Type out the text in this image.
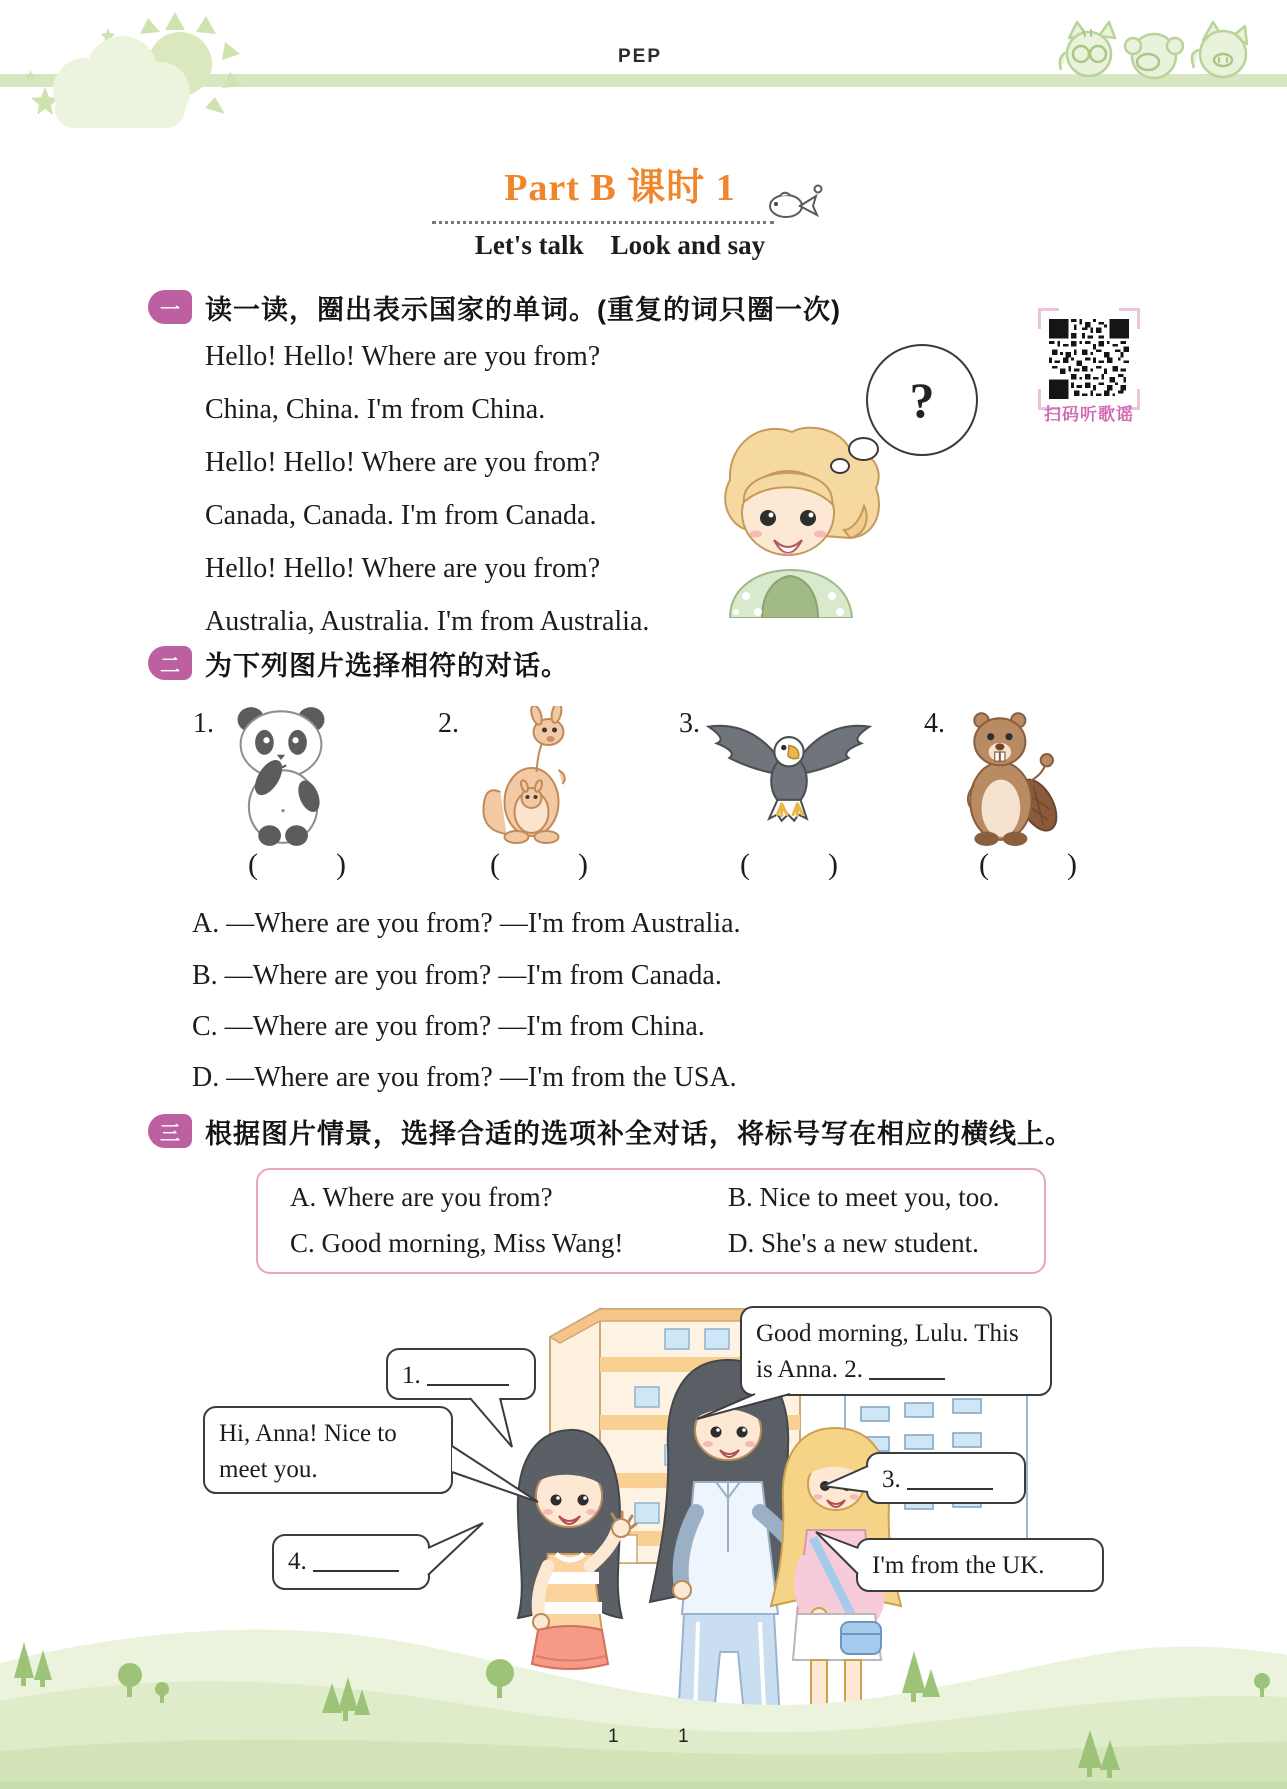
PEP
Part B 课时 1
Let's talk    Look and say
一 读一读，圈出表示国家的单词。(重复的词只圈一次)
Hello! Hello! Where are you from?
China, China. I'm from China.
Hello! Hello! Where are you from?
Canada, Canada. I'm from Canada.
Hello! Hello! Where are you from?
Australia, Australia. I'm from Australia.
?	扫码听歌谣
二 为下列图片选择相符的对话。
1.	2.	3.	4.
(        )	(        )	(        )	(        )
A. —Where are you from? —I'm from Australia.
B. —Where are you from? —I'm from Canada.
C. —Where are you from? —I'm from China.
D. —Where are you from? —I'm from the USA.
三 根据图片情景，选择合适的选项补全对话，将标号写在相应的横线上。
A. Where are you from?	B. Nice to meet you, too.
C. Good morning, Miss Wang!	D. She's a new student.
1.
Hi, Anna! Nice to
meet you.
Good morning, Lulu. This
is Anna. 2.
3.
4.	I'm from the UK.
1	1
